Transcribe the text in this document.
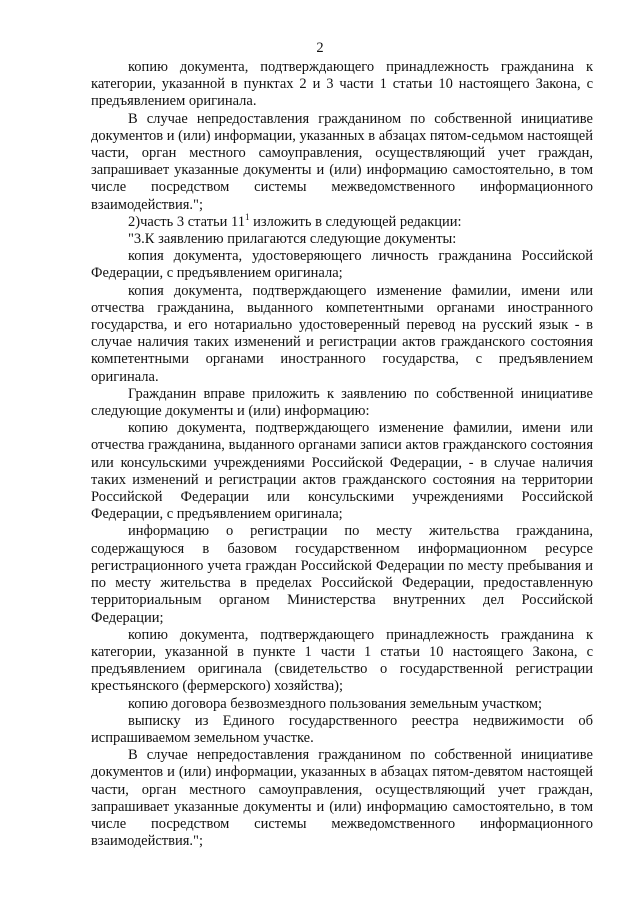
2

копию документа, подтверждающего принадлежность гражданина к категории, указанной в пунктах 2 и 3 части 1 статьи 10 настоящего Закона, с предъявлением оригинала.

В случае непредоставления гражданином по собственной инициативе документов и (или) информации, указанных в абзацах пятом-седьмом настоящей части, орган местного самоуправления, осуществляющий учет граждан, запрашивает указанные документы и (или) информацию самостоятельно, в том числе посредством системы межведомственного информационного взаимодействия.";

2)часть 3 статьи $11^1$ изложить в следующей редакции:

"3.К заявлению прилагаются следующие документы:

копия документа, удостоверяющего личность гражданина Российской Федерации, с предъявлением оригинала;

копия документа, подтверждающего изменение фамилии, имени или отчества гражданина, выданного компетентными органами иностранного государства, и его нотариально удостоверенный перевод на русский язык - в случае наличия таких изменений и регистрации актов гражданского состояния компетентными органами иностранного государства, с предъявлением оригинала.

Гражданин вправе приложить к заявлению по собственной инициативе следующие документы и (или) информацию:

копию документа, подтверждающего изменение фамилии, имени или отчества гражданина, выданного органами записи актов гражданского состояния или консульскими учреждениями Российской Федерации, - в случае наличия таких изменений и регистрации актов гражданского состояния на территории Российской Федерации или консульскими учреждениями Российской Федерации, с предъявлением оригинала;

информацию о регистрации по месту жительства гражданина, содержащуюся в базовом государственном информационном ресурсе регистрационного учета граждан Российской Федерации по месту пребывания и по месту жительства в пределах Российской Федерации, предоставленную территориальным органом Министерства внутренних дел Российской Федерации;

копию документа, подтверждающего принадлежность гражданина к категории, указанной в пункте 1 части 1 статьи 10 настоящего Закона, с предъявлением оригинала (свидетельство о государственной регистрации крестьянского (фермерского) хозяйства);

копию договора безвозмездного пользования земельным участком;

выписку из Единого государственного реестра недвижимости об испрашиваемом земельном участке.

В случае непредоставления гражданином по собственной инициативе документов и (или) информации, указанных в абзацах пятом-девятом настоящей части, орган местного самоуправления, осуществляющий учет граждан, запрашивает указанные документы и (или) информацию самостоятельно, в том числе посредством системы межведомственного информационного взаимодействия.";
